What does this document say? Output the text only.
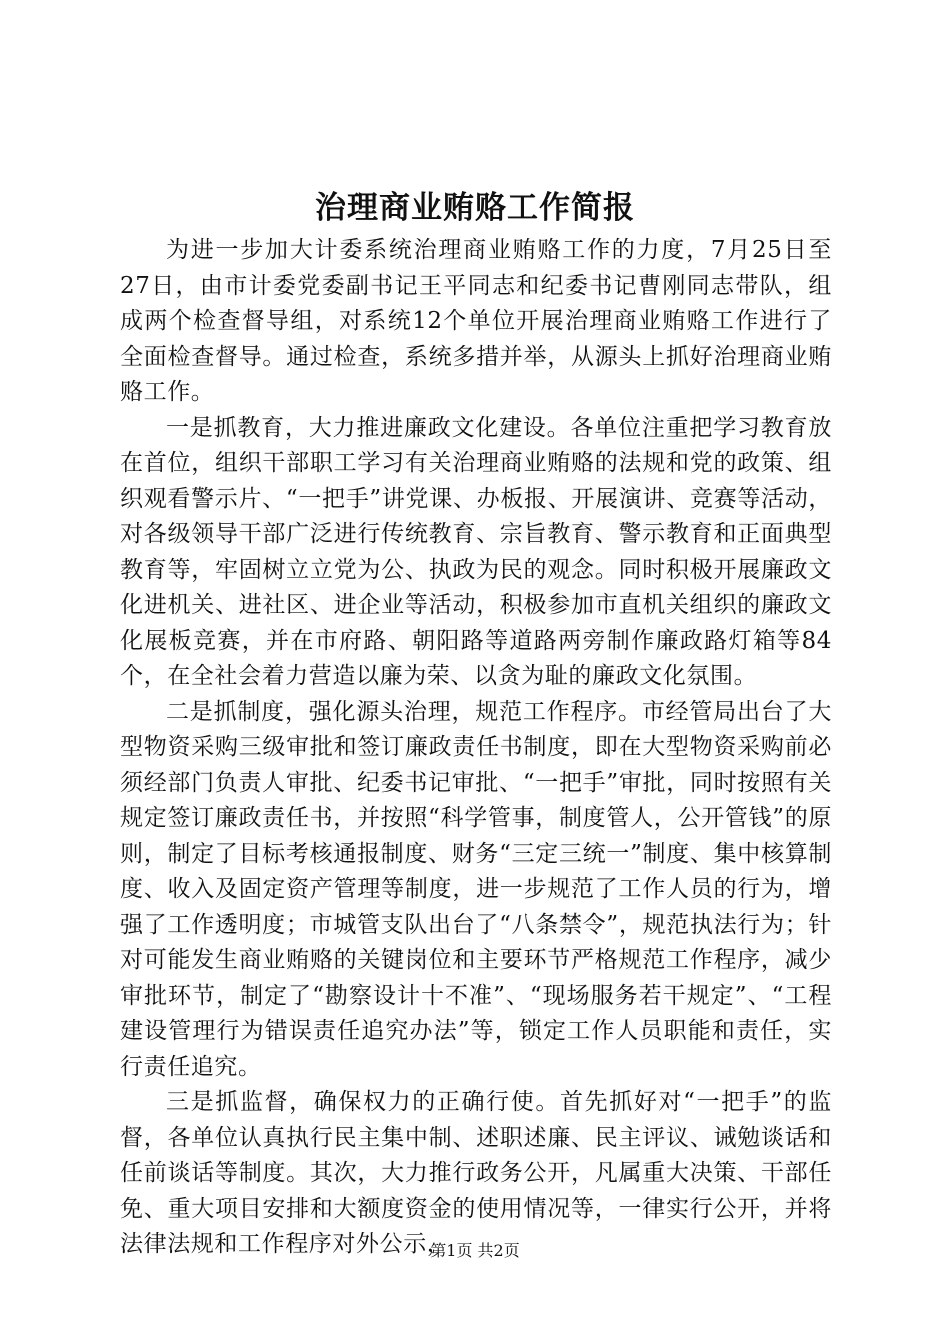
治理商业贿赂工作简报

为进一步加大计委系统治理商业贿赂工作的力度，7月25日至27日，由市计委党委副书记王平同志和纪委书记曹刚同志带队，组成两个检查督导组，对系统12个单位开展治理商业贿赂工作进行了全面检查督导。通过检查，系统多措并举，从源头上抓好治理商业贿赂工作。

一是抓教育，大力推进廉政文化建设。各单位注重把学习教育放在首位，组织干部职工学习有关治理商业贿赂的法规和党的政策、组织观看警示片、“一把手”讲党课、办板报、开展演讲、竞赛等活动，对各级领导干部广泛进行传统教育、宗旨教育、警示教育和正面典型教育等，牢固树立立党为公、执政为民的观念。同时积极开展廉政文化进机关、进社区、进企业等活动，积极参加市直机关组织的廉政文化展板竞赛，并在市府路、朝阳路等道路两旁制作廉政路灯箱等84个，在全社会着力营造以廉为荣、以贪为耻的廉政文化氛围。

二是抓制度，强化源头治理，规范工作程序。市经管局出台了大型物资采购三级审批和签订廉政责任书制度，即在大型物资采购前必须经部门负责人审批、纪委书记审批、“一把手”审批，同时按照有关规定签订廉政责任书，并按照“科学管事，制度管人，公开管钱”的原则，制定了目标考核通报制度、财务“三定三统一”制度、集中核算制度、收入及固定资产管理等制度，进一步规范了工作人员的行为，增强了工作透明度；市城管支队出台了“八条禁令”，规范执法行为；针对可能发生商业贿赂的关键岗位和主要环节严格规范工作程序，减少审批环节，制定了“勘察设计十不准”、“现场服务若干规定”、“工程建设管理行为错误责任追究办法”等，锁定工作人员职能和责任，实行责任追究。

三是抓监督，确保权力的正确行使。首先抓好对“一把手”的监督，各单位认真执行民主集中制、述职述廉、民主评议、诫勉谈话和任前谈话等制度。其次，大力推行政务公开，凡属重大决策、干部任免、重大项目安排和大额度资金的使用情况等，一律实行公开，并将法律法规和工作程序对外公示，

第1页 共2页
